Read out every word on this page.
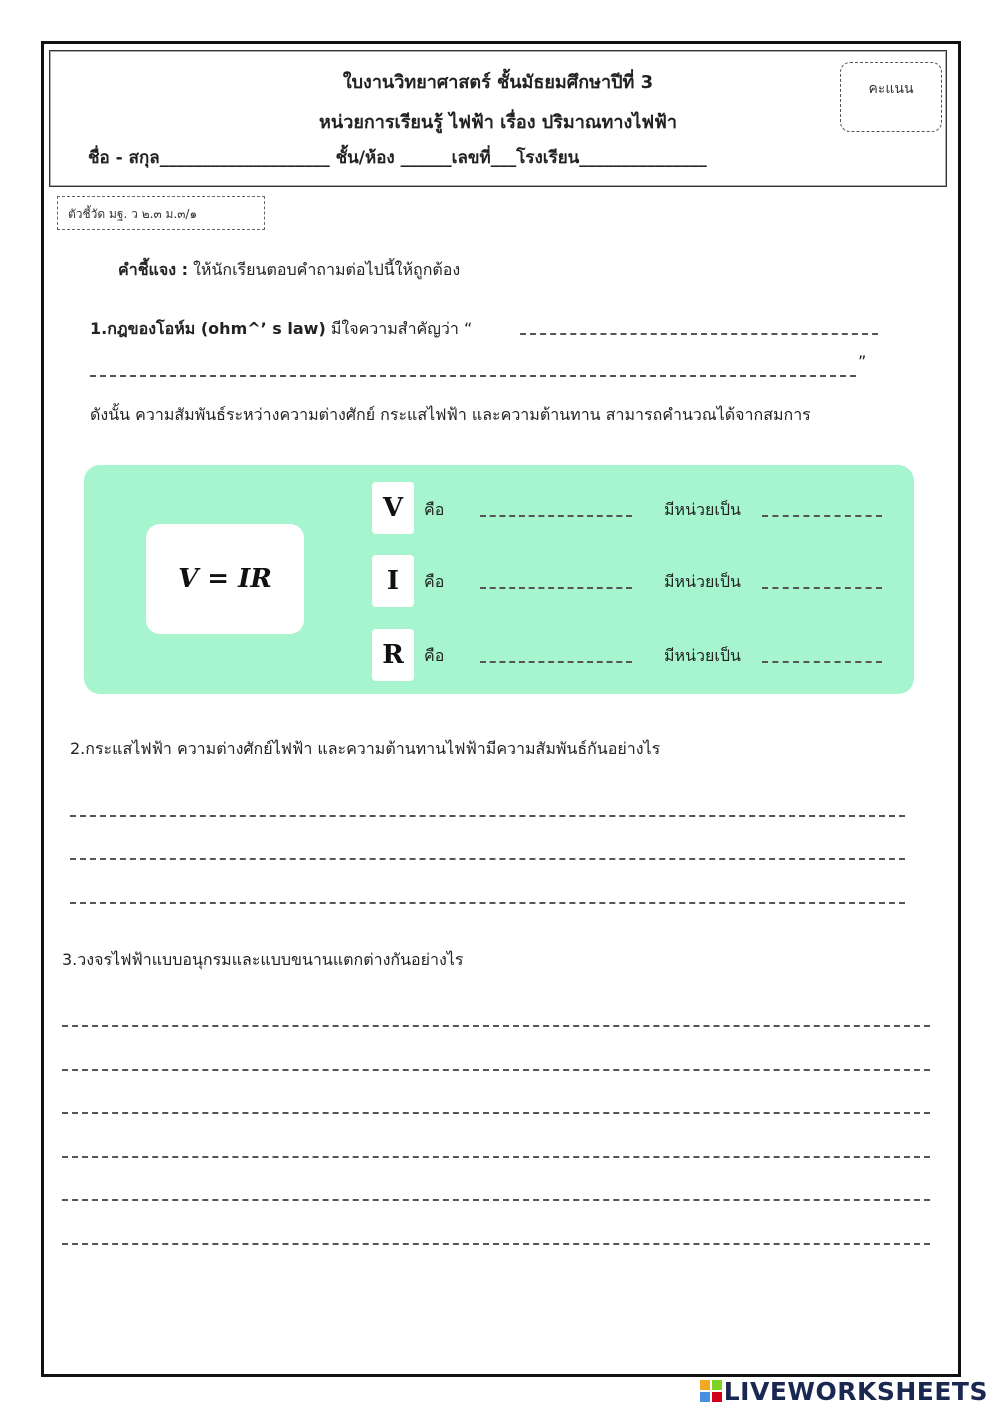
ใบงานวิทยาศาสตร์ ชั้นมัธยมศึกษาปีที่ 3
หน่วยการเรียนรู้ ไฟฟ้า เรื่อง ปริมาณทางไฟฟ้า
คะแนน
ชื่อ - สกุล____________________ ชั้น/ห้อง ______เลขที่___โรงเรียน_______________
ตัวชี้วัด มฐ. ว ๒.๓ ม.๓/๑
คำชี้แจง : ให้นักเรียนตอบคำถามต่อไปนี้ให้ถูกต้อง
1.กฎของโอห์ม (ohm^’ s law) มีใจความสำคัญว่า “
”
ดังนั้น ความสัมพันธ์ระหว่างความต่างศักย์ กระแสไฟฟ้า และความต้านทาน สามารถคำนวณได้จากสมการ
V = IR
V	คือ	มีหน่วยเป็น
I	คือ	มีหน่วยเป็น
R	คือ	มีหน่วยเป็น
2.กระแสไฟฟ้า ความต่างศักย์ไฟฟ้า และความต้านทานไฟฟ้ามีความสัมพันธ์กันอย่างไร
3.วงจรไฟฟ้าแบบอนุกรมและแบบขนานแตกต่างกันอย่างไร
LIVEWORKSHEETS
